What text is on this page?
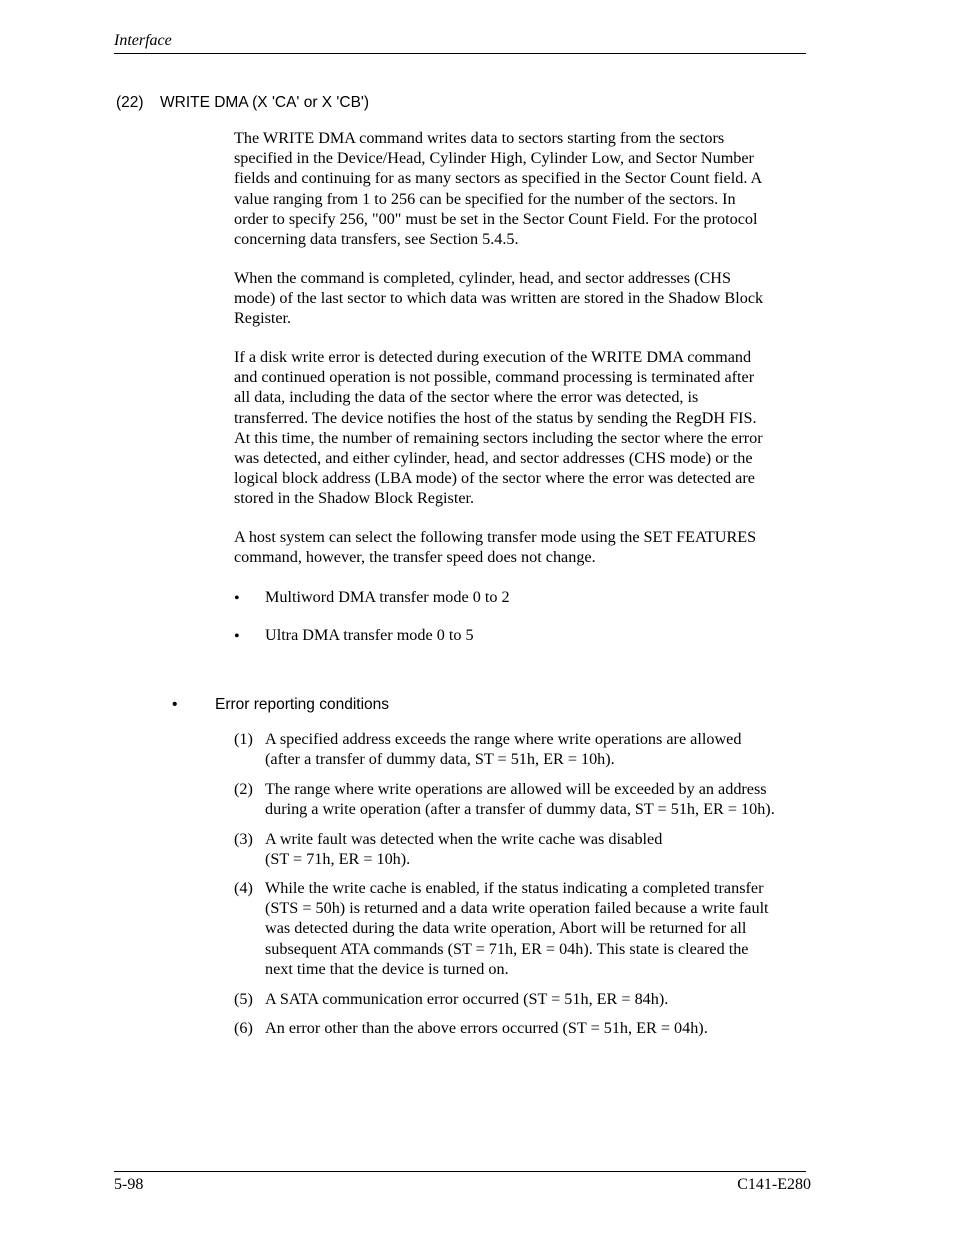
Interface
(22) WRITE DMA (X 'CA' or X 'CB')

The WRITE DMA command writes data to sectors starting from the sectors
specified in the Device/Head, Cylinder High, Cylinder Low, and Sector Number
fields and continuing for as many sectors as specified in the Sector Count field. A
value ranging from 1 to 256 can be specified for the number of the sectors. In
order to specify 256, "00" must be set in the Sector Count Field. For the protocol
concerning data transfers, see Section 5.4.5.

When the command is completed, cylinder, head, and sector addresses (CHS
mode) of the last sector to which data was written are stored in the Shadow Block
Register.

If a disk write error is detected during execution of the WRITE DMA command
and continued operation is not possible, command processing is terminated after
all data, including the data of the sector where the error was detected, is
transferred. The device notifies the host of the status by sending the RegDH FIS.
At this time, the number of remaining sectors including the sector where the error
was detected, and either cylinder, head, and sector addresses (CHS mode) or the
logical block address (LBA mode) of the sector where the error was detected are
stored in the Shadow Block Register.

A host system can select the following transfer mode using the SET FEATURES
command, however, the transfer speed does not change.

• Multiword DMA transfer mode 0 to 2
• Ultra DMA transfer mode 0 to 5
• Error reporting conditions
(1) A specified address exceeds the range where write operations are allowed
(after a transfer of dummy data, ST = 51h, ER = 10h).
(2) The range where write operations are allowed will be exceeded by an address
during a write operation (after a transfer of dummy data, ST = 51h, ER = 10h).
(3) A write fault was detected when the write cache was disabled
(ST = 71h, ER = 10h).
(4) While the write cache is enabled, if the status indicating a completed transfer
(STS = 50h) is returned and a data write operation failed because a write fault
was detected during the data write operation, Abort will be returned for all
subsequent ATA commands (ST = 71h, ER = 04h). This state is cleared the
next time that the device is turned on.
(5) A SATA communication error occurred (ST = 51h, ER = 84h).
(6) An error other than the above errors occurred (ST = 51h, ER = 04h).
5-98	C141-E280
